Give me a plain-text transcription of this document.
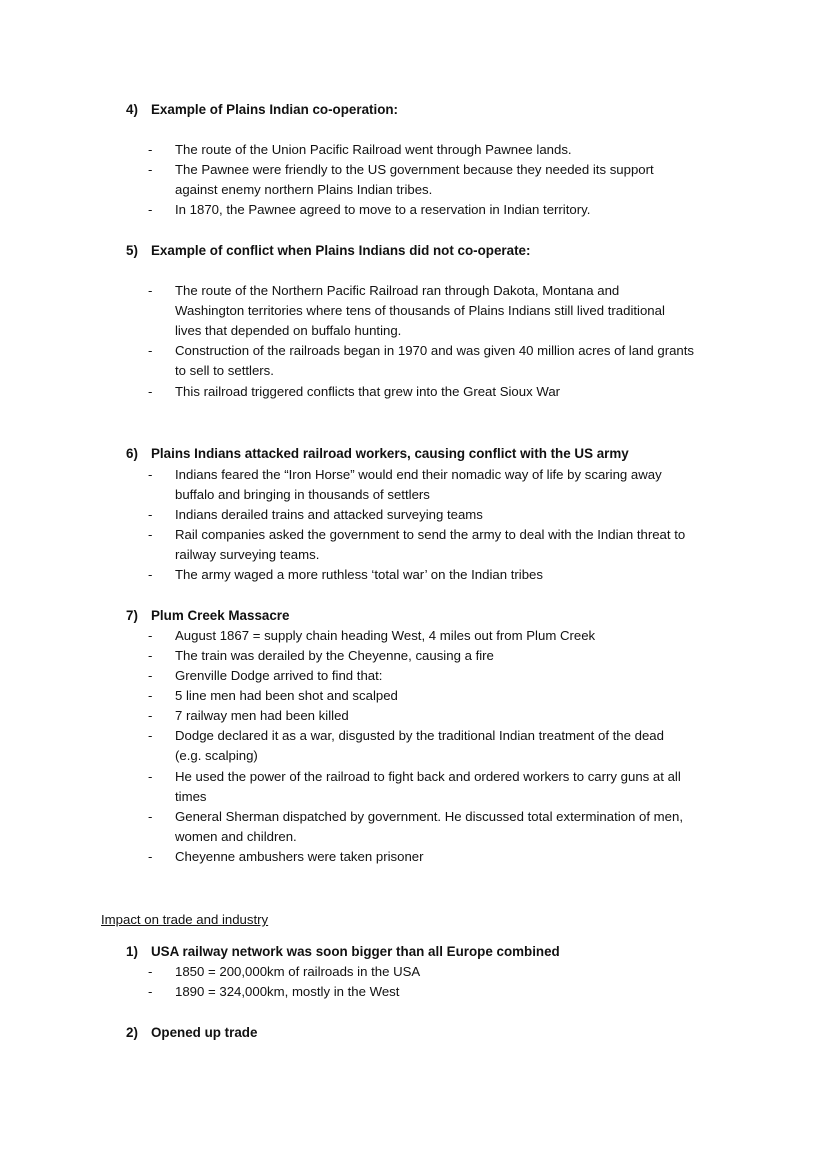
4) Example of Plains Indian co-operation:
- The route of the Union Pacific Railroad went through Pawnee lands.
- The Pawnee were friendly to the US government because they needed its support
against enemy northern Plains Indian tribes.
- In 1870, the Pawnee agreed to move to a reservation in Indian territory.
5) Example of conflict when Plains Indians did not co-operate:
- The route of the Northern Pacific Railroad ran through Dakota, Montana and
Washington territories where tens of thousands of Plains Indians still lived traditional
lives that depended on buffalo hunting.
- Construction of the railroads began in 1970 and was given 40 million acres of land grants
to sell to settlers.
- This railroad triggered conflicts that grew into the Great Sioux War
6) Plains Indians attacked railroad workers, causing conflict with the US army
- Indians feared the “Iron Horse” would end their nomadic way of life by scaring away
buffalo and bringing in thousands of settlers
- Indians derailed trains and attacked surveying teams
- Rail companies asked the government to send the army to deal with the Indian threat to
railway surveying teams.
- The army waged a more ruthless ‘total war’ on the Indian tribes
7) Plum Creek Massacre
- August 1867 = supply chain heading West, 4 miles out from Plum Creek
- The train was derailed by the Cheyenne, causing a fire
- Grenville Dodge arrived to find that:
- 5 line men had been shot and scalped
- 7 railway men had been killed
- Dodge declared it as a war, disgusted by the traditional Indian treatment of the dead
(e.g. scalping)
- He used the power of the railroad to fight back and ordered workers to carry guns at all
times
- General Sherman dispatched by government. He discussed total extermination of men,
women and children.
- Cheyenne ambushers were taken prisoner
Impact on trade and industry
1) USA railway network was soon bigger than all Europe combined
- 1850 = 200,000km of railroads in the USA
- 1890 = 324,000km, mostly in the West
2) Opened up trade
